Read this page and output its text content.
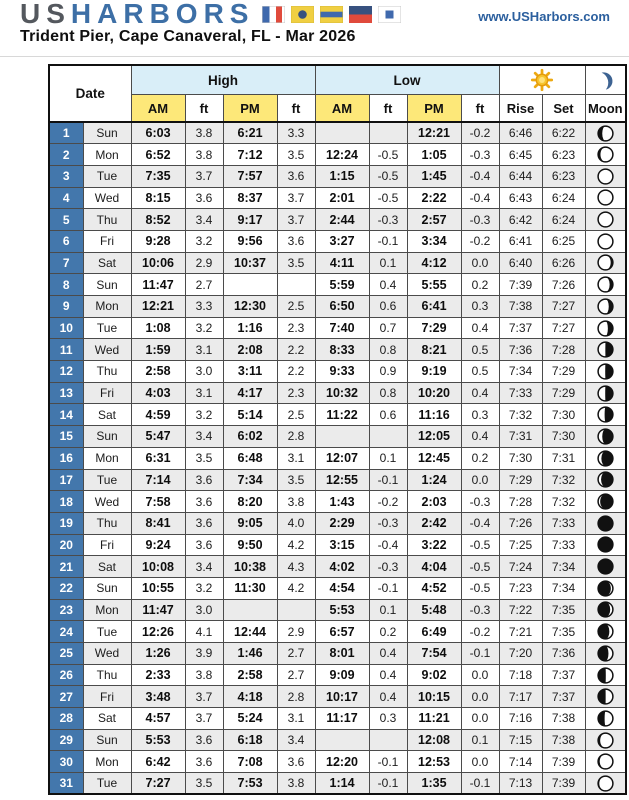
USHARBORS	www.USHarbors.com
Trident Pier, Cape Canaveral, FL - Mar 2026
Date		High				Low	

		AM	ft	PM	ft	AM	ft	PM	ft	Rise	Set	Moon
1	Sun	6:03	3.8	6:21	3.3			12:21	-0.2	6:46	6:22	

2	Mon	6:52	3.8	7:12	3.5	12:24	-0.5	1:05	-0.3	6:45	6:23	

3	Tue	7:35	3.7	7:57	3.6	1:15	-0.5	1:45	-0.4	6:44	6:23	

4	Wed	8:15	3.6	8:37	3.7	2:01	-0.5	2:22	-0.4	6:43	6:24	

5	Thu	8:52	3.4	9:17	3.7	2:44	-0.3	2:57	-0.3	6:42	6:24	

6	Fri	9:28	3.2	9:56	3.6	3:27	-0.1	3:34	-0.2	6:41	6:25	

7	Sat	10:06	2.9	10:37	3.5	4:11	0.1	4:12	0.0	6:40	6:26	

8	Sun	11:47	2.7			5:59	0.4	5:55	0.2	7:39	7:26	

9	Mon	12:21	3.3	12:30	2.5	6:50	0.6	6:41	0.3	7:38	7:27	

10	Tue	1:08	3.2	1:16	2.3	7:40	0.7	7:29	0.4	7:37	7:27	

11	Wed	1:59	3.1	2:08	2.2	8:33	0.8	8:21	0.5	7:36	7:28	

12	Thu	2:58	3.0	3:11	2.2	9:33	0.9	9:19	0.5	7:34	7:29	

13	Fri	4:03	3.1	4:17	2.3	10:32	0.8	10:20	0.4	7:33	7:29	

14	Sat	4:59	3.2	5:14	2.5	11:22	0.6	11:16	0.3	7:32	7:30	

15	Sun	5:47	3.4	6:02	2.8			12:05	0.4	7:31	7:30	

16	Mon	6:31	3.5	6:48	3.1	12:07	0.1	12:45	0.2	7:30	7:31	

17	Tue	7:14	3.6	7:34	3.5	12:55	-0.1	1:24	0.0	7:29	7:32	

18	Wed	7:58	3.6	8:20	3.8	1:43	-0.2	2:03	-0.3	7:28	7:32	

19	Thu	8:41	3.6	9:05	4.0	2:29	-0.3	2:42	-0.4	7:26	7:33	

20	Fri	9:24	3.6	9:50	4.2	3:15	-0.4	3:22	-0.5	7:25	7:33	

21	Sat	10:08	3.4	10:38	4.3	4:02	-0.3	4:04	-0.5	7:24	7:34	

22	Sun	10:55	3.2	11:30	4.2	4:54	-0.1	4:52	-0.5	7:23	7:34	

23	Mon	11:47	3.0			5:53	0.1	5:48	-0.3	7:22	7:35	

24	Tue	12:26	4.1	12:44	2.9	6:57	0.2	6:49	-0.2	7:21	7:35	

25	Wed	1:26	3.9	1:46	2.7	8:01	0.4	7:54	-0.1	7:20	7:36	

26	Thu	2:33	3.8	2:58	2.7	9:09	0.4	9:02	0.0	7:18	7:37	

27	Fri	3:48	3.7	4:18	2.8	10:17	0.4	10:15	0.0	7:17	7:37	

28	Sat	4:57	3.7	5:24	3.1	11:17	0.3	11:21	0.0	7:16	7:38	

29	Sun	5:53	3.6	6:18	3.4			12:08	0.1	7:15	7:38	

30	Mon	6:42	3.6	7:08	3.6	12:20	-0.1	12:53	0.0	7:14	7:39	

31	Tue	7:27	3.5	7:53	3.8	1:14	-0.1	1:35	-0.1	7:13	7:39	
